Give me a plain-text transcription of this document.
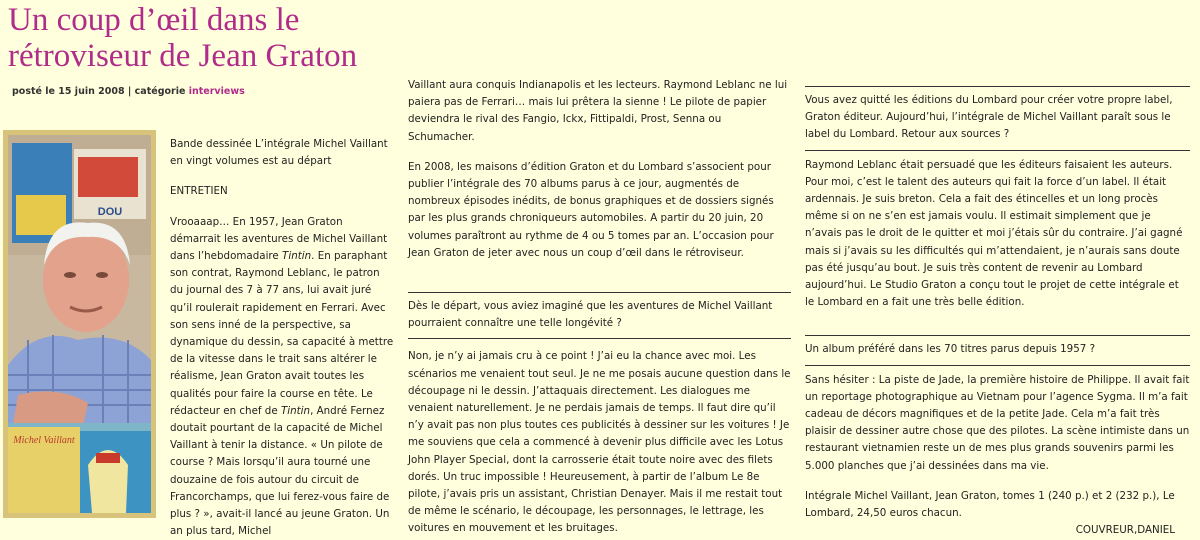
Un coup d’œil dans le rétroviseur de Jean Graton
posté le 15 juin 2008 | catégorie interviews
DOU
Michel Vaillant

Bande dessinée L’intégrale Michel Vaillant en vingt volumes est au départ

ENTRETIEN

Vrooaaap… En 1957, Jean Graton démarrait les aventures de Michel Vaillant dans l’hebdomadaire Tintin. En paraphant son contrat, Raymond Leblanc, le patron du journal des 7 à 77 ans, lui avait juré qu’il roulerait rapidement en Ferrari. Avec son sens inné de la perspective, sa dynamique du dessin, sa capacité à mettre de la vitesse dans le trait sans altérer le réalisme, Jean Graton avait toutes les qualités pour faire la course en tête. Le rédacteur en chef de Tintin, André Fernez doutait pourtant de la capacité de Michel Vaillant à tenir la distance. « Un pilote de course ? Mais lorsqu’il aura tourné une douzaine de fois autour du circuit de Francorchamps, que lui ferez-vous faire de plus ? », avait-il lancé au jeune Graton. Un an plus tard, Michel

Vaillant aura conquis Indianapolis et les lecteurs. Raymond Leblanc ne lui paiera pas de Ferrari… mais lui prêtera la sienne ! Le pilote de papier deviendra le rival des Fangio, Ickx, Fittipaldi, Prost, Senna ou Schumacher.

En 2008, les maisons d’édition Graton et du Lombard s’associent pour publier l’intégrale des 70 albums parus à ce jour, augmentés de nombreux épisodes inédits, de bonus graphiques et de dossiers signés par les plus grands chroniqueurs automobiles. A partir du 20 juin, 20 volumes paraîtront au rythme de 4 ou 5 tomes par an. L’occasion pour Jean Graton de jeter avec nous un coup d’œil dans le rétroviseur.

Dès le départ, vous aviez imaginé que les aventures de Michel Vaillant pourraient connaître une telle longévité ?

Non, je n’y ai jamais cru à ce point ! J’ai eu la chance avec moi. Les scénarios me venaient tout seul. Je ne me posais aucune question dans le découpage ni le dessin. J’attaquais directement. Les dialogues me venaient naturellement. Je ne perdais jamais de temps. Il faut dire qu’il n’y avait pas non plus toutes ces publicités à dessiner sur les voitures ! Je me souviens que cela a commencé à devenir plus difficile avec les Lotus John Player Special, dont la carrosserie était toute noire avec des filets dorés. Un truc impossible ! Heureusement, à partir de l’album Le 8e pilote, j’avais pris un assistant, Christian Denayer. Mais il me restait tout de même le scénario, le découpage, les personnages, le lettrage, les voitures en mouvement et les bruitages.

Vous avez quitté les éditions du Lombard pour créer votre propre label, Graton éditeur. Aujourd’hui, l’intégrale de Michel Vaillant paraît sous le label du Lombard. Retour aux sources ?

Raymond Leblanc était persuadé que les éditeurs faisaient les auteurs. Pour moi, c’est le talent des auteurs qui fait la force d’un label. Il était ardennais. Je suis breton. Cela a fait des étincelles et un long procès même si on ne s’en est jamais voulu. Il estimait simplement que je n’avais pas le droit de le quitter et moi j’étais sûr du contraire. J’ai gagné mais si j’avais su les difficultés qui m’attendaient, je n’aurais sans doute pas été jusqu’au bout. Je suis très content de revenir au Lombard aujourd’hui. Le Studio Graton a conçu tout le projet de cette intégrale et le Lombard en a fait une très belle édition.

Un album préféré dans les 70 titres parus depuis 1957 ?

Sans hésiter : La piste de Jade, la première histoire de Philippe. Il avait fait un reportage photographique au Vietnam pour l’agence Sygma. Il m’a fait cadeau de décors magnifiques et de la petite Jade. Cela m’a fait très plaisir de dessiner autre chose que des pilotes. La scène intimiste dans un restaurant vietnamien reste un de mes plus grands souvenirs parmi les 5.000 planches que j’ai dessinées dans ma vie.

Intégrale Michel Vaillant, Jean Graton, tomes 1 (240 p.) et 2 (232 p.), Le Lombard, 24,50 euros chacun.

COUVREUR,DANIEL
